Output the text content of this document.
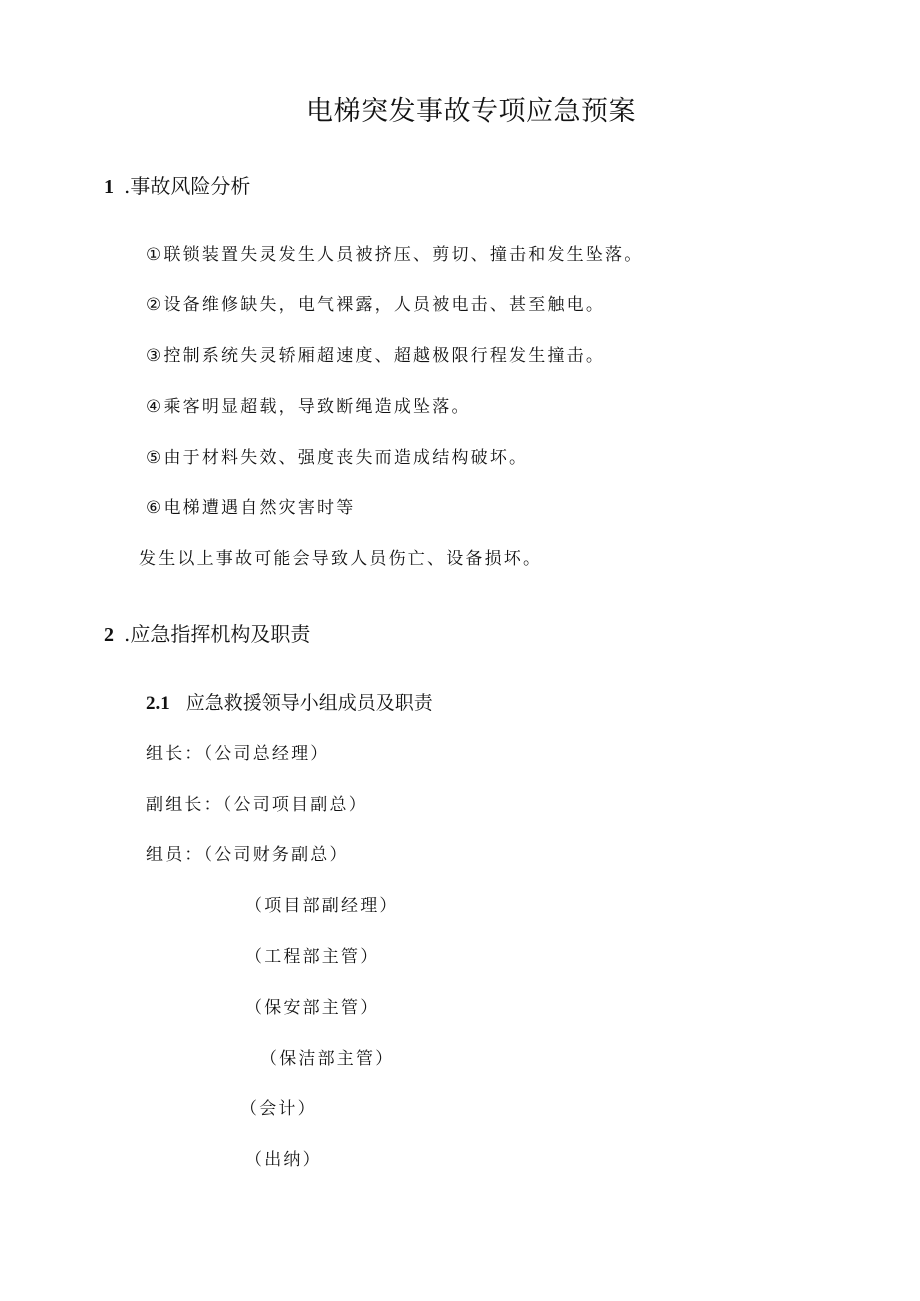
电梯突发事故专项应急预案
1 .事故风险分析
①联锁装置失灵发生人员被挤压、剪切、撞击和发生坠落。
②设备维修缺失，电气裸露，人员被电击、甚至触电。
③控制系统失灵轿厢超速度、超越极限行程发生撞击。
④乘客明显超载，导致断绳造成坠落。
⑤由于材料失效、强度丧失而造成结构破坏。
⑥电梯遭遇自然灾害时等
发生以上事故可能会导致人员伤亡、设备损坏。
2 .应急指挥机构及职责
2.1 应急救援领导小组成员及职责
组长：（公司总经理）
副组长：（公司项目副总）
组员：（公司财务副总）
（项目部副经理）
（工程部主管）
（保安部主管）
（保洁部主管）
（会计）
（出纳）
